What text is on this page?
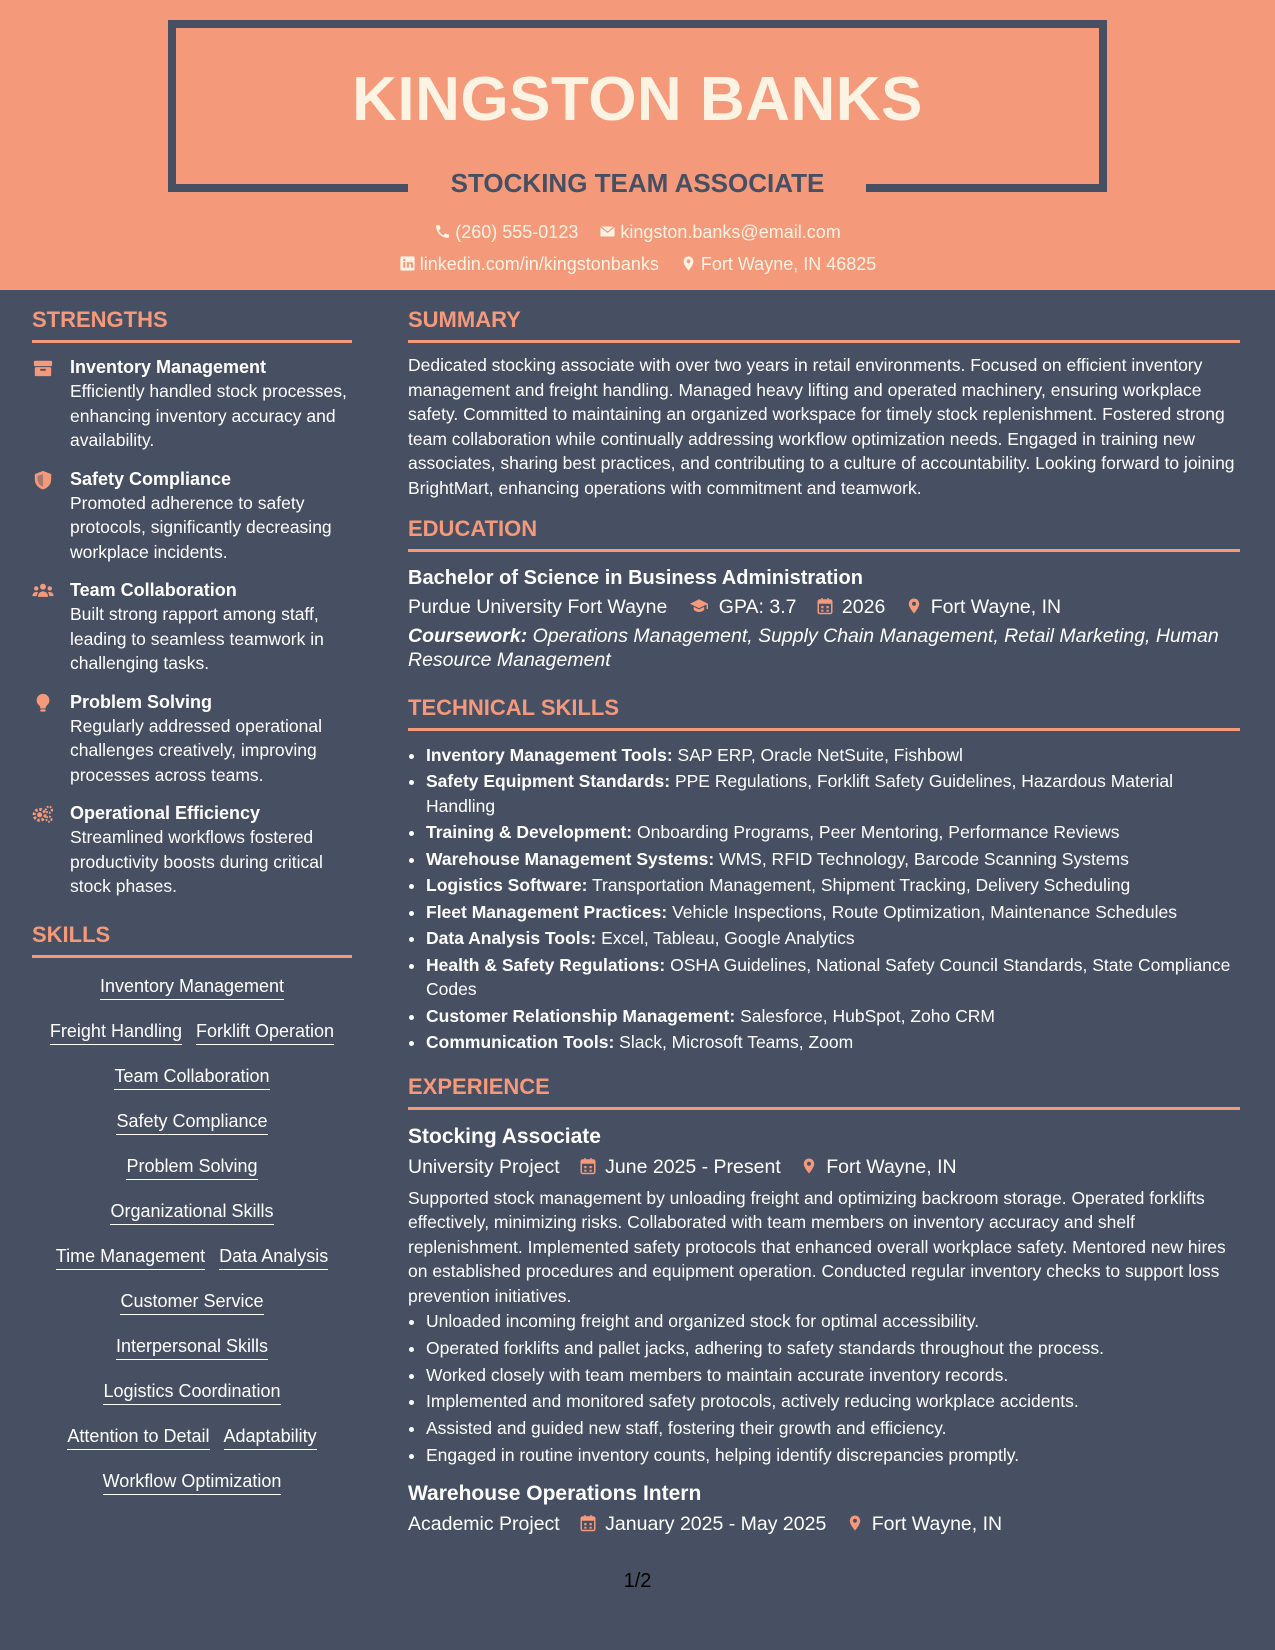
KINGSTON BANKS
STOCKING TEAM ASSOCIATE
(260) 555-0123 kingston.banks@email.com
linkedin.com/in/kingstonbanks Fort Wayne, IN 46825
STRENGTHS
Inventory Management
Efficiently handled stock processes, enhancing inventory accuracy and availability.
Safety Compliance
Promoted adherence to safety protocols, significantly decreasing workplace incidents.
Team Collaboration
Built strong rapport among staff, leading to seamless teamwork in challenging tasks.
Problem Solving
Regularly addressed operational challenges creatively, improving processes across teams.
Operational Efficiency
Streamlined workflows fostered productivity boosts during critical stock phases.
SKILLS
Inventory Management
Freight Handling Forklift Operation
Team Collaboration
Safety Compliance
Problem Solving
Organizational Skills
Time Management Data Analysis
Customer Service
Interpersonal Skills
Logistics Coordination
Attention to Detail Adaptability
Workflow Optimization
SUMMARY
Dedicated stocking associate with over two years in retail environments. Focused on efficient inventory management and freight handling. Managed heavy lifting and operated machinery, ensuring workplace safety. Committed to maintaining an organized workspace for timely stock replenishment. Fostered strong team collaboration while continually addressing workflow optimization needs. Engaged in training new associates, sharing best practices, and contributing to a culture of accountability. Looking forward to joining BrightMart, enhancing operations with commitment and teamwork.
EDUCATION
Bachelor of Science in Business Administration
Purdue University Fort Wayne	GPA: 3.7 2026 Fort Wayne, IN
Coursework: Operations Management, Supply Chain Management, Retail Marketing, Human Resource Management
TECHNICAL SKILLS
• Inventory Management Tools: SAP ERP, Oracle NetSuite, Fishbowl
• Safety Equipment Standards: PPE Regulations, Forklift Safety Guidelines, Hazardous Material Handling
• Training & Development: Onboarding Programs, Peer Mentoring, Performance Reviews
• Warehouse Management Systems: WMS, RFID Technology, Barcode Scanning Systems
• Logistics Software: Transportation Management, Shipment Tracking, Delivery Scheduling
• Fleet Management Practices: Vehicle Inspections, Route Optimization, Maintenance Schedules
• Data Analysis Tools: Excel, Tableau, Google Analytics
• Health & Safety Regulations: OSHA Guidelines, National Safety Council Standards, State Compliance Codes
• Customer Relationship Management: Salesforce, HubSpot, Zoho CRM
• Communication Tools: Slack, Microsoft Teams, Zoom
EXPERIENCE
Stocking Associate
University Project June 2025 - Present Fort Wayne, IN
Supported stock management by unloading freight and optimizing backroom storage. Operated forklifts effectively, minimizing risks. Collaborated with team members on inventory accuracy and shelf replenishment. Implemented safety protocols that enhanced overall workplace safety. Mentored new hires on established procedures and equipment operation. Conducted regular inventory checks to support loss prevention initiatives.
• Unloaded incoming freight and organized stock for optimal accessibility.
• Operated forklifts and pallet jacks, adhering to safety standards throughout the process.
• Worked closely with team members to maintain accurate inventory records.
• Implemented and monitored safety protocols, actively reducing workplace accidents.
• Assisted and guided new staff, fostering their growth and efficiency.
• Engaged in routine inventory counts, helping identify discrepancies promptly.
Warehouse Operations Intern
Academic Project January 2025 - May 2025 Fort Wayne, IN
1/2
